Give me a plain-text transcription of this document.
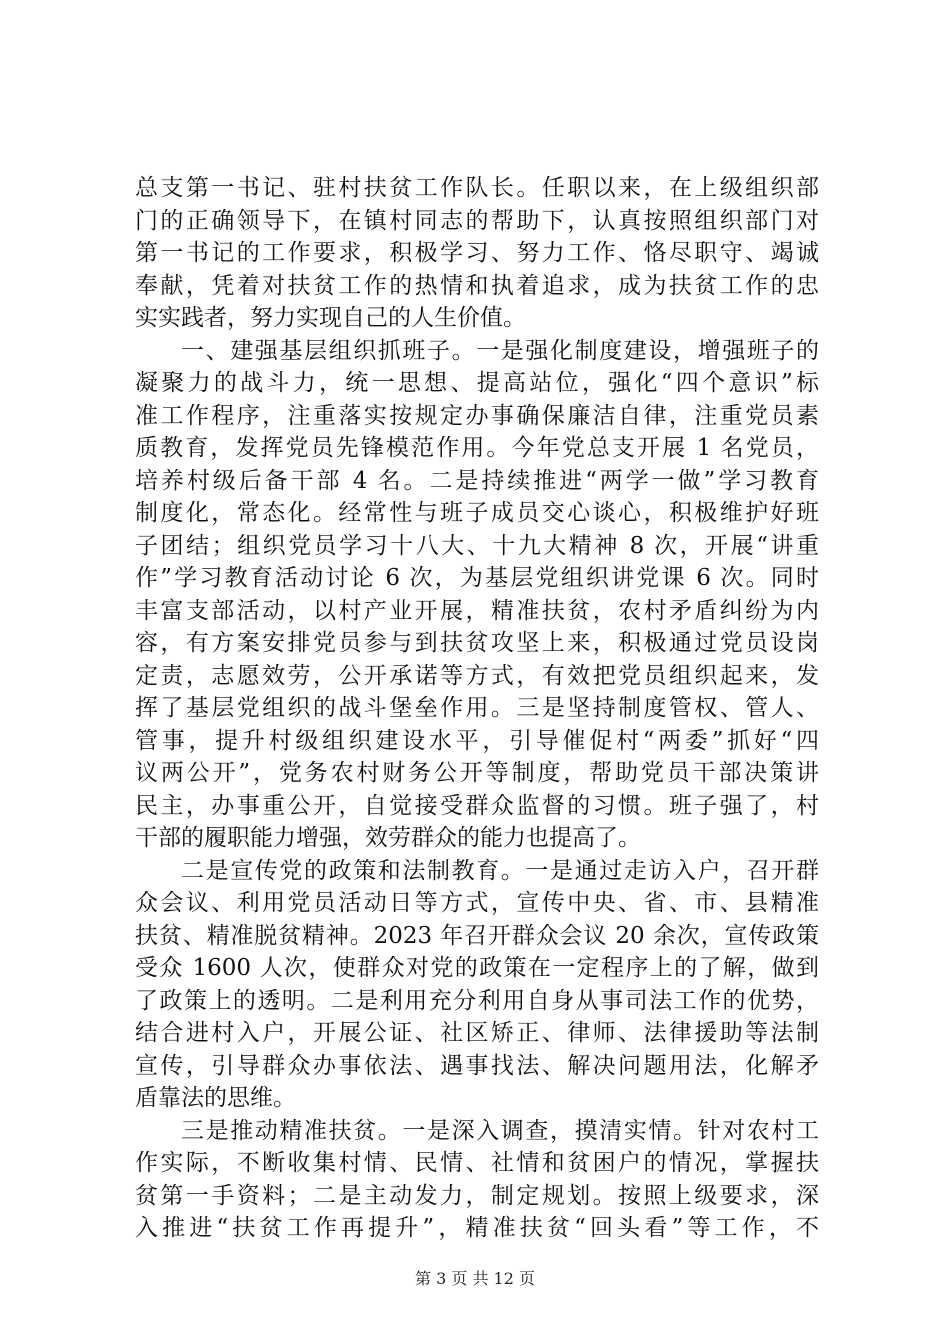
总支第一书记、驻村扶贫工作队长。任职以来，在上级组织部
门的正确领导下，在镇村同志的帮助下，认真按照组织部门对
第一书记的工作要求，积极学习、努力工作、恪尽职守、竭诚
奉献，凭着对扶贫工作的热情和执着追求，成为扶贫工作的忠
实实践者，努力实现自己的人生价值。
一、建强基层组织抓班子。一是强化制度建设，增强班子的
凝聚力的战斗力，统一思想、提高站位，强化“四个意识”标
准工作程序，注重落实按规定办事确保廉洁自律，注重党员素
质教育，发挥党员先锋模范作用。今年党总支开展 1 名党员，
培养村级后备干部 4 名。二是持续推进“两学一做”学习教育
制度化，常态化。经常性与班子成员交心谈心，积极维护好班
子团结；组织党员学习十八大、十九大精神 8 次，开展“讲重
作”学习教育活动讨论 6 次，为基层党组织讲党课 6 次。同时
丰富支部活动，以村产业开展，精准扶贫，农村矛盾纠纷为内
容，有方案安排党员参与到扶贫攻坚上来，积极通过党员设岗
定责，志愿效劳，公开承诺等方式，有效把党员组织起来，发
挥了基层党组织的战斗堡垒作用。三是坚持制度管权、管人、
管事，提升村级组织建设水平，引导催促村“两委”抓好“四
议两公开”，党务农村财务公开等制度，帮助党员干部决策讲
民主，办事重公开，自觉接受群众监督的习惯。班子强了，村
干部的履职能力增强，效劳群众的能力也提高了。
二是宣传党的政策和法制教育。一是通过走访入户，召开群
众会议、利用党员活动日等方式，宣传中央、省、市、县精准
扶贫、精准脱贫精神。2023 年召开群众会议 20 余次，宣传政策
受众 1600 人次，使群众对党的政策在一定程序上的了解，做到
了政策上的透明。二是利用充分利用自身从事司法工作的优势，
结合进村入户，开展公证、社区矫正、律师、法律援助等法制
宣传，引导群众办事依法、遇事找法、解决问题用法，化解矛
盾靠法的思维。
三是推动精准扶贫。一是深入调查，摸清实情。针对农村工
作实际，不断收集村情、民情、社情和贫困户的情况，掌握扶
贫第一手资料；二是主动发力，制定规划。按照上级要求，深
入推进“扶贫工作再提升”，精准扶贫“回头看”等工作，不
第 3 页 共 12 页
